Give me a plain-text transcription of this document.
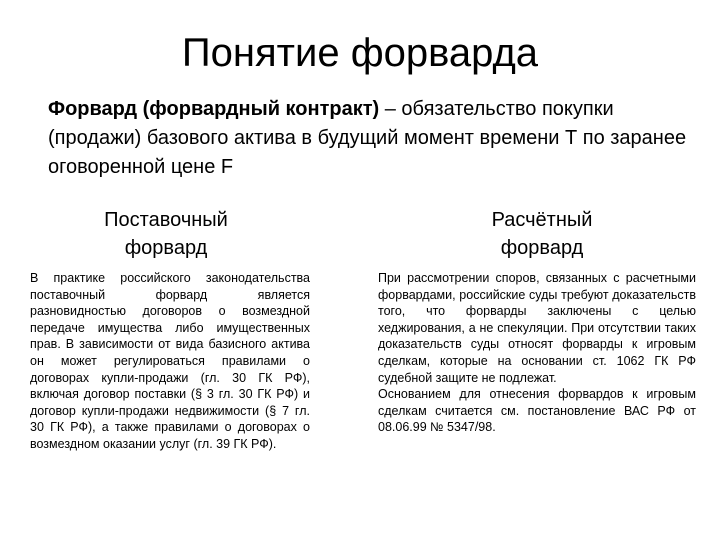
Понятие форварда
Форвард (форвардный контракт) – обязательство покупки (продажи) базового актива в будущий момент времени Т по заранее оговоренной цене F
Поставочный
форвард
Расчётный
форвард

В практике российского законодательства поставочный форвард является разновидностью договоров о возмездной передаче имущества либо имущественных прав. В зависимости от вида базисного актива он может регулироваться правилами о договорах купли-продажи (гл. 30 ГК РФ), включая договор поставки (§ 3 гл. 30 ГК РФ) и договор купли-продажи недвижимости (§ 7 гл. 30 ГК РФ), а также правилами о договорах о возмездном оказании услуг (гл. 39 ГК РФ).

При рассмотрении споров, связанных с расчетными форвардами, российские суды требуют доказательств того, что форварды заключены с целью хеджирования, а не спекуляции. При отсутствии таких доказательств суды относят форварды к игровым сделкам, которые на основании ст. 1062 ГК РФ судебной защите не подлежат.

Основанием для отнесения форвардов к игровым сделкам считается см. постановление ВАС РФ от 08.06.99 № 5347/98.
